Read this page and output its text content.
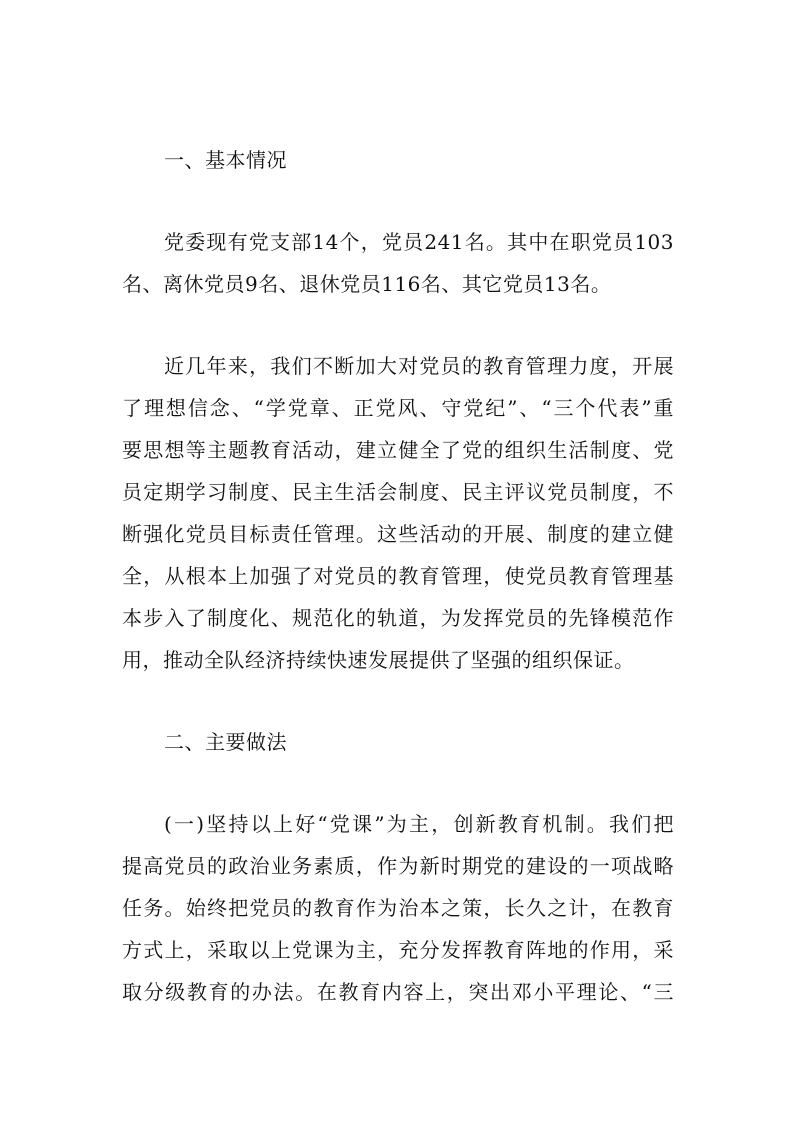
一、基本情况
党委现有党支部14个，党员241名。其中在职党员103
名、离休党员9名、退休党员116名、其它党员13名。
近几年来，我们不断加大对党员的教育管理力度，开展
了理想信念、“学党章、正党风、守党纪”、“三个代表”重
要思想等主题教育活动，建立健全了党的组织生活制度、党
员定期学习制度、民主生活会制度、民主评议党员制度，不
断强化党员目标责任管理。这些活动的开展、制度的建立健
全，从根本上加强了对党员的教育管理，使党员教育管理基
本步入了制度化、规范化的轨道，为发挥党员的先锋模范作
用，推动全队经济持续快速发展提供了坚强的组织保证。
二、主要做法
(一)坚持以上好“党课”为主，创新教育机制。我们把
提高党员的政治业务素质，作为新时期党的建设的一项战略
任务。始终把党员的教育作为治本之策，长久之计，在教育
方式上，采取以上党课为主，充分发挥教育阵地的作用，采
取分级教育的办法。在教育内容上，突出邓小平理论、“三
